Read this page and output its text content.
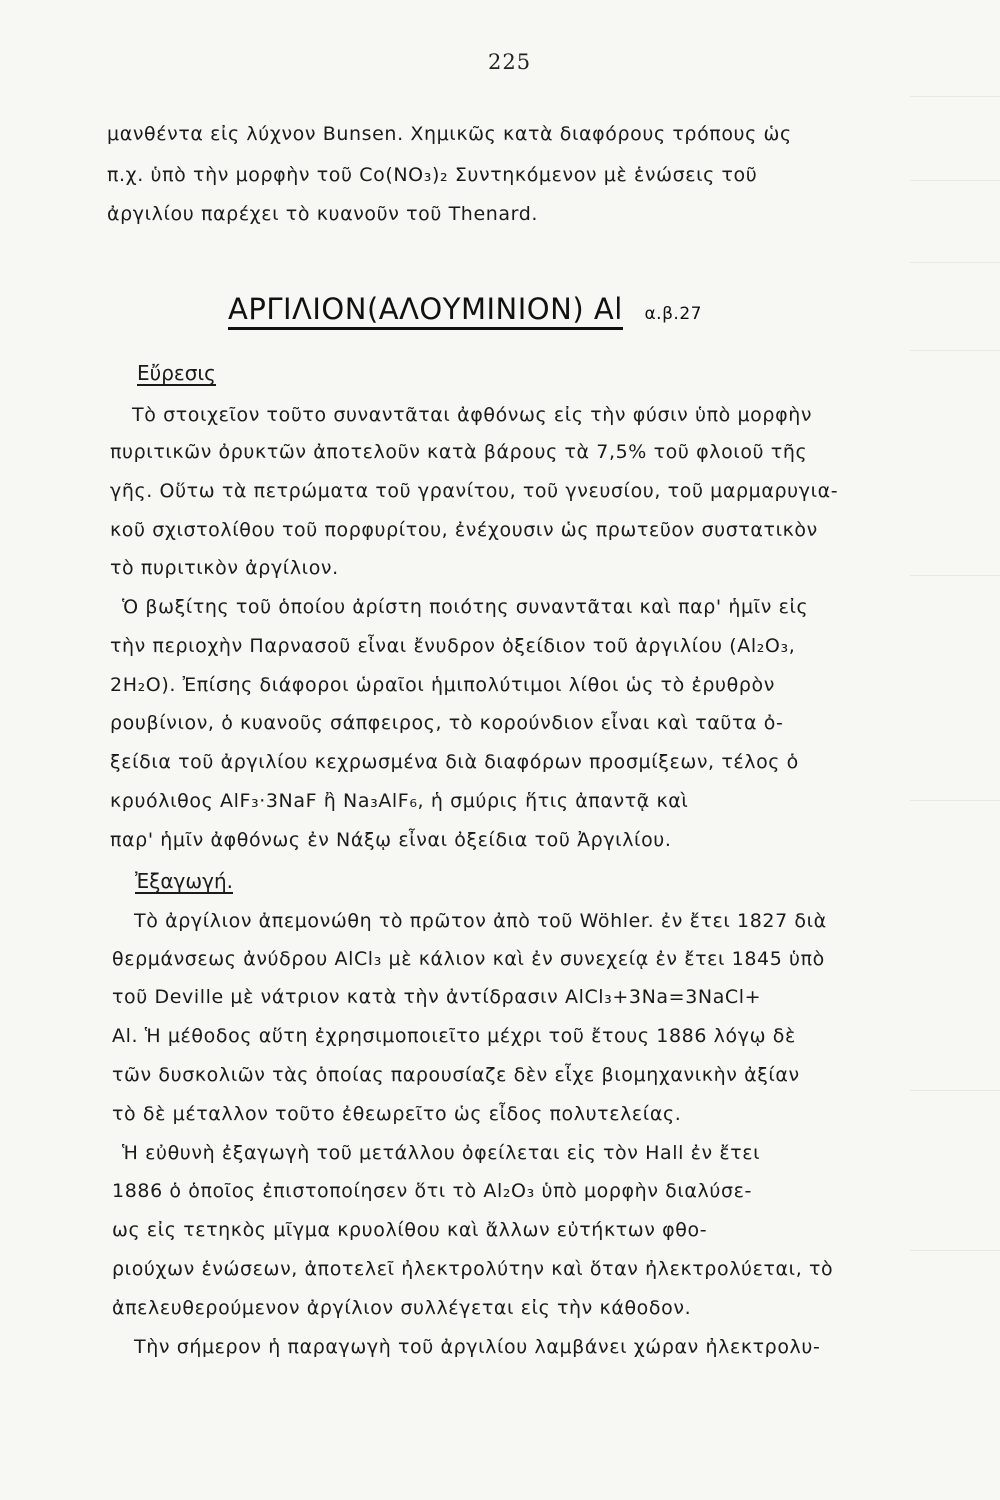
225
μανθέντα εἰς λύχνον Bunsen. Χημικῶς κατὰ διαφόρους τρόπους ὡς
π.χ. ὑπὸ τὴν μορφὴν τοῦ Co(NO₃)₂ Συντηκόμενον μὲ ἑνώσεις τοῦ
ἀργιλίου παρέχει τὸ κυανοῦν τοῦ Thenard.
ΑΡΓΙΛΙΟΝ(ΑΛΟΥΜΙΝΙΟΝ) Al α.β.27
Εὔρεσις
Τὸ στοιχεῖον τοῦτο συναντᾶται ἀφθόνως εἰς τὴν φύσιν ὑπὸ μορφὴν
πυριτικῶν ὀρυκτῶν ἀποτελοῦν κατὰ βάρους τὰ 7,5% τοῦ φλοιοῦ τῆς
γῆς. Οὕτω τὰ πετρώματα τοῦ γρανίτου, τοῦ γνευσίου, τοῦ μαρμαρυγια-
κοῦ σχιστολίθου τοῦ πορφυρίτου, ἐνέχουσιν ὡς πρωτεῦον συστατικὸν
τὸ πυριτικὸν ἀργίλιον.
Ὁ βωξίτης τοῦ ὁποίου ἀρίστη ποιότης συναντᾶται καὶ παρ' ἡμῖν εἰς
τὴν περιοχὴν Παρνασοῦ εἶναι ἔνυδρον ὀξείδιον τοῦ ἀργιλίου (Al₂O₃,
2H₂O). Ἐπίσης διάφοροι ὡραῖοι ἡμιπολύτιμοι λίθοι ὡς τὸ ἐρυθρὸν
ρουβίνιον, ὁ κυανοῦς σάπφειρος, τὸ κορούνδιον εἶναι καὶ ταῦτα ὀ-
ξείδια τοῦ ἀργιλίου κεχρωσμένα διὰ διαφόρων προσμίξεων, τέλος ὁ
κρυόλιθος AlF₃·3NaF ἢ Na₃AlF₆, ἡ σμύρις ἥτις ἀπαντᾷ καὶ
παρ' ἡμῖν ἀφθόνως ἐν Νάξῳ εἶναι ὀξείδια τοῦ Ἀργιλίου.
Ἐξαγωγή.
Τὸ ἀργίλιον ἀπεμονώθη τὸ πρῶτον ἀπὸ τοῦ Wöhler. ἐν ἔτει 1827 διὰ
θερμάνσεως ἀνύδρου AlCl₃ μὲ κάλιον καὶ ἐν συνεχείᾳ ἐν ἔτει 1845 ὑπὸ
τοῦ Deville μὲ νάτριον κατὰ τὴν ἀντίδρασιν AlCl₃+3Na=3NaCl+
Al. Ἡ μέθοδος αὕτη ἐχρησιμοποιεῖτο μέχρι τοῦ ἔτους 1886 λόγῳ δὲ
τῶν δυσκολιῶν τὰς ὁποίας παρουσίαζε δὲν εἶχε βιομηχανικὴν ἀξίαν
τὸ δὲ μέταλλον τοῦτο ἐθεωρεῖτο ὡς εἶδος πολυτελείας.
Ἡ εὐθυνὴ ἐξαγωγὴ τοῦ μετάλλου ὀφείλεται εἰς τὸν Hall ἐν ἔτει
1886 ὁ ὁποῖος ἐπιστοποίησεν ὅτι τὸ Al₂O₃ ὑπὸ μορφὴν διαλύσε-
ως εἰς τετηκὸς μῖγμα κρυολίθου καὶ ἄλλων εὐτήκτων φθο-
ριούχων ἑνώσεων, ἀποτελεῖ ἠλεκτρολύτην καὶ ὅταν ἠλεκτρολύεται, τὸ
ἀπελευθερούμενον ἀργίλιον συλλέγεται εἰς τὴν κάθοδον.
Τὴν σήμερον ἡ παραγωγὴ τοῦ ἀργιλίου λαμβάνει χώραν ἠλεκτρολυ-
